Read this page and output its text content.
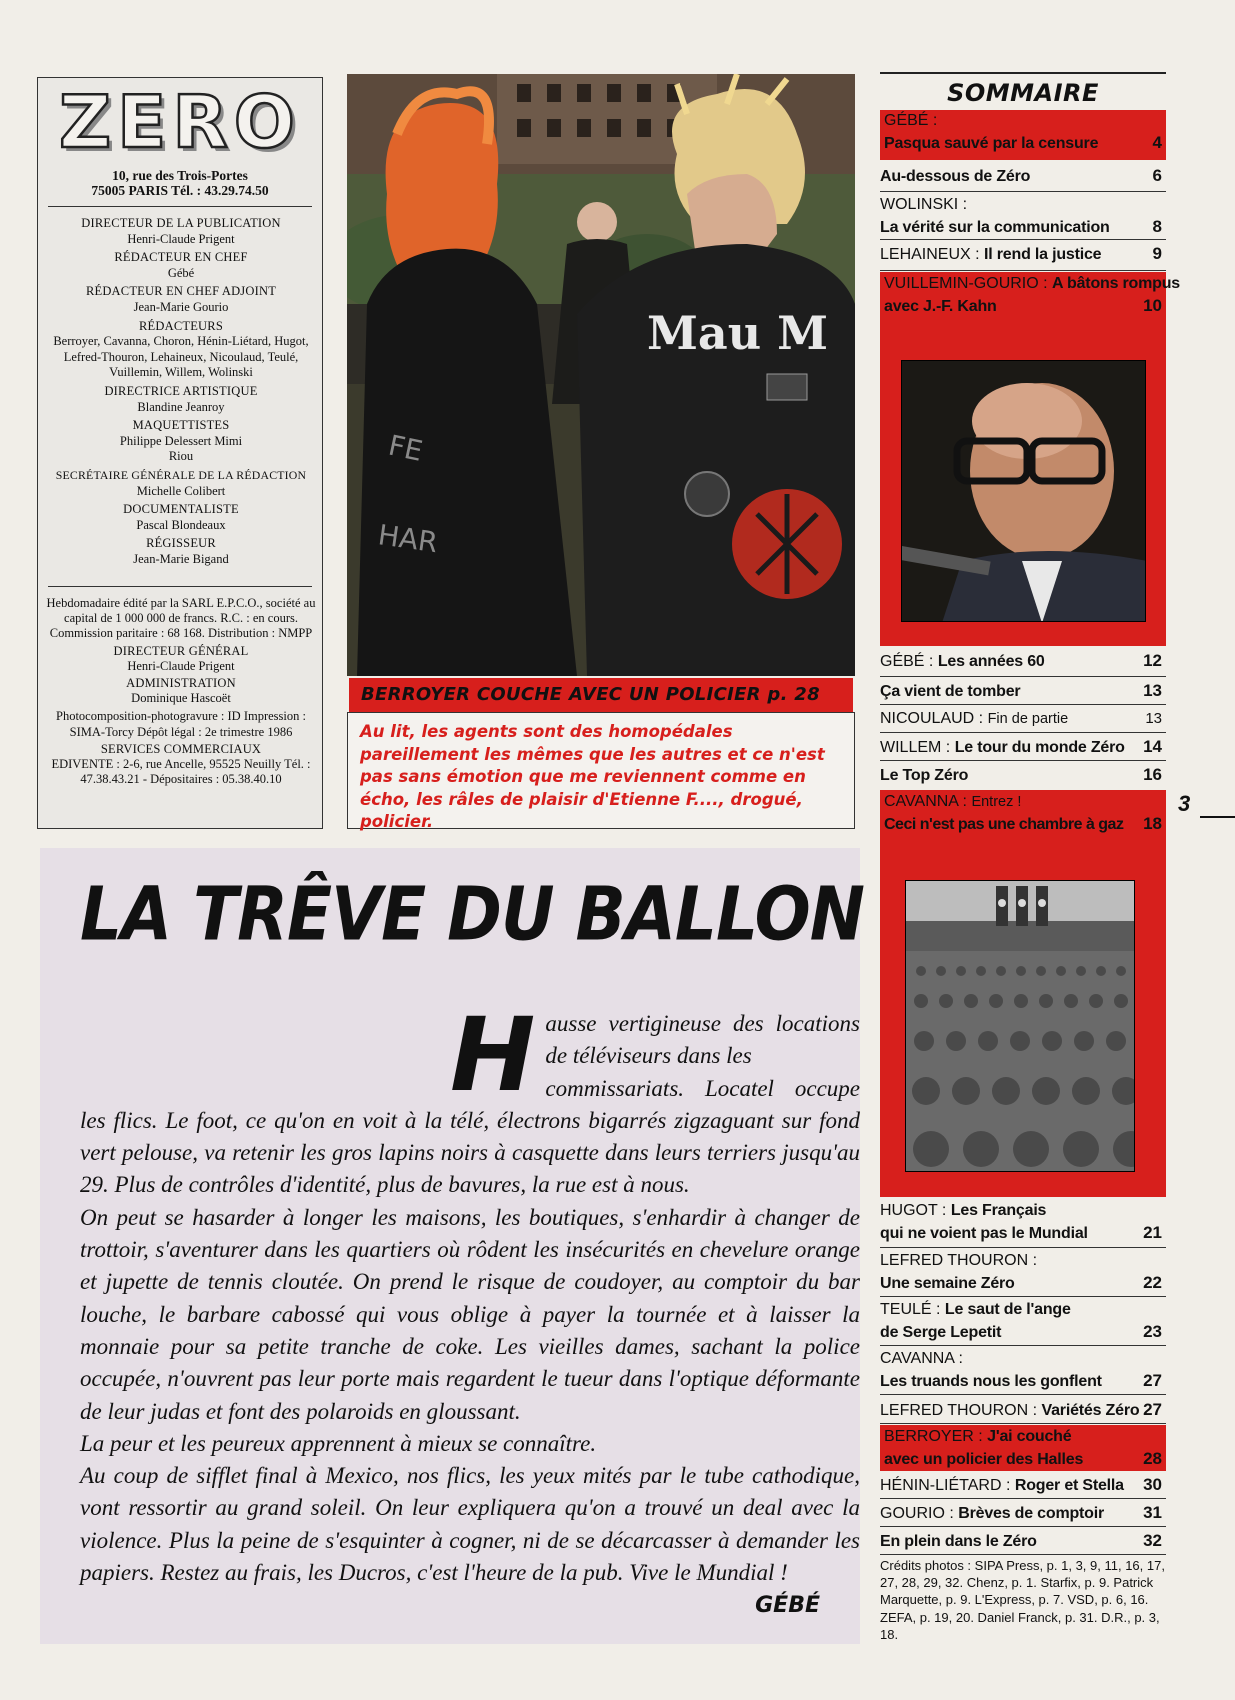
ZERO
10, rue des Trois-Portes
75005 PARIS Tél. : 43.29.74.50
DIRECTEUR DE LA PUBLICATION
Henri-Claude Prigent
RÉDACTEUR EN CHEF
Gébé
RÉDACTEUR EN CHEF ADJOINT
Jean-Marie Gourio
RÉDACTEURS
Berroyer, Cavanna, Choron, Hénin-Liétard, Hugot, Lefred-Thouron, Lehaineux, Nicoulaud, Teulé, Vuillemin, Willem, Wolinski
DIRECTRICE ARTISTIQUE
Blandine Jeanroy
MAQUETTISTES
Philippe Delessert Mimi Riou
SECRÉTAIRE GÉNÉRALE DE LA RÉDACTION
Michelle Colibert
DOCUMENTALISTE
Pascal Blondeaux
RÉGISSEUR
Jean-Marie Bigand
Hebdomadaire édité par la SARL E.P.C.O., société au capital de 1 000 000 de francs. R.C. : en cours. Commission paritaire : 68 168. Distribution : NMPP
DIRECTEUR GÉNÉRAL
Henri-Claude Prigent
ADMINISTRATION
Dominique Hascoët
Photocomposition-photogravure : ID Impression : SIMA-Torcy Dépôt légal : 2e trimestre 1986
SERVICES COMMERCIAUX
EDIVENTE : 2-6, rue Ancelle, 95525 Neuilly Tél. : 47.38.43.21 - Dépositaires : 05.38.40.10
FE
HAR
Mau M
BERROYER COUCHE AVEC UN POLICIER p. 28
Au lit, les agents sont des homopédales pareillement les mêmes que les autres et ce n'est pas sans émotion que me reviennent comme en écho, les râles de plaisir d'Etienne F...., drogué, policier.
SOMMAIRE
GÉBÉ :
Pasqua sauvé par la censure	4
Au-dessous de Zéro	6
WOLINSKI :
La vérité sur la communication	8
LEHAINEUX : Il rend la justice	9
VUILLEMIN-GOURIO : A bâtons rompus
avec J.-F. Kahn	10
GÉBÉ : Les années 60	12
Ça vient de tomber	13
NICOULAUD : Fin de partie	13
WILLEM : Le tour du monde Zéro 14
Le Top Zéro	16
CAVANNA : Entrez !
Ceci n'est pas une chambre à gaz 18
3
HUGOT : Les Français
qui ne voient pas le Mundial	21
LEFRED THOURON :
Une semaine Zéro	22
TEULÉ : Le saut de l'ange
de Serge Lepetit	23
CAVANNA :
Les truands nous les gonflent 27
LEFRED THOURON : Variétés Zéro 27
BERROYER : J'ai couché
avec un policier des Halles	28
HÉNIN-LIÉTARD : Roger et Stella 30
GOURIO : Brèves de comptoir 31
En plein dans le Zéro	32
Crédits photos : SIPA Press, p. 1, 3, 9, 11, 16, 17, 27, 28, 29, 32. Chenz, p. 1. Starfix, p. 9. Patrick Marquette, p. 9. L'Express, p. 7. VSD, p. 6, 16. ZEFA, p. 19, 20. Daniel Franck, p. 31. D.R., p. 3, 18.
LA TRÊVE DU BALLON

Hausse vertigineuse des locations de téléviseurs dans les
commissariats. Locatel occupe les flics. Le foot, ce qu'on en voit à la télé, électrons bigarrés zigzaguant sur fond vert pelouse, va retenir les gros lapins noirs à casquette dans leurs terriers jusqu'au 29. Plus de contrôles d'identité, plus de bavures, la rue est à nous.

On peut se hasarder à longer les maisons, les boutiques, s'enhardir à changer de trottoir, s'aventurer dans les quartiers où rôdent les insécurités en chevelure orange et jupette de tennis cloutée. On prend le risque de coudoyer, au comptoir du bar louche, le barbare cabossé qui vous oblige à payer la tournée et à laisser la monnaie pour sa petite tranche de coke. Les vieilles dames, sachant la police occupée, n'ouvrent pas leur porte mais regardent le tueur dans l'optique déformante de leur judas et font des polaroids en gloussant.

La peur et les peureux apprennent à mieux se connaître.

Au coup de sifflet final à Mexico, nos flics, les yeux mités par le tube cathodique, vont ressortir au grand soleil. On leur expliquera qu'on a trouvé un deal avec la violence. Plus la peine de s'esquinter à cogner, ni de se décarcasser à demander les papiers. Restez au frais, les Ducros, c'est l'heure de la pub. Vive le Mundial !

GÉBÉ
